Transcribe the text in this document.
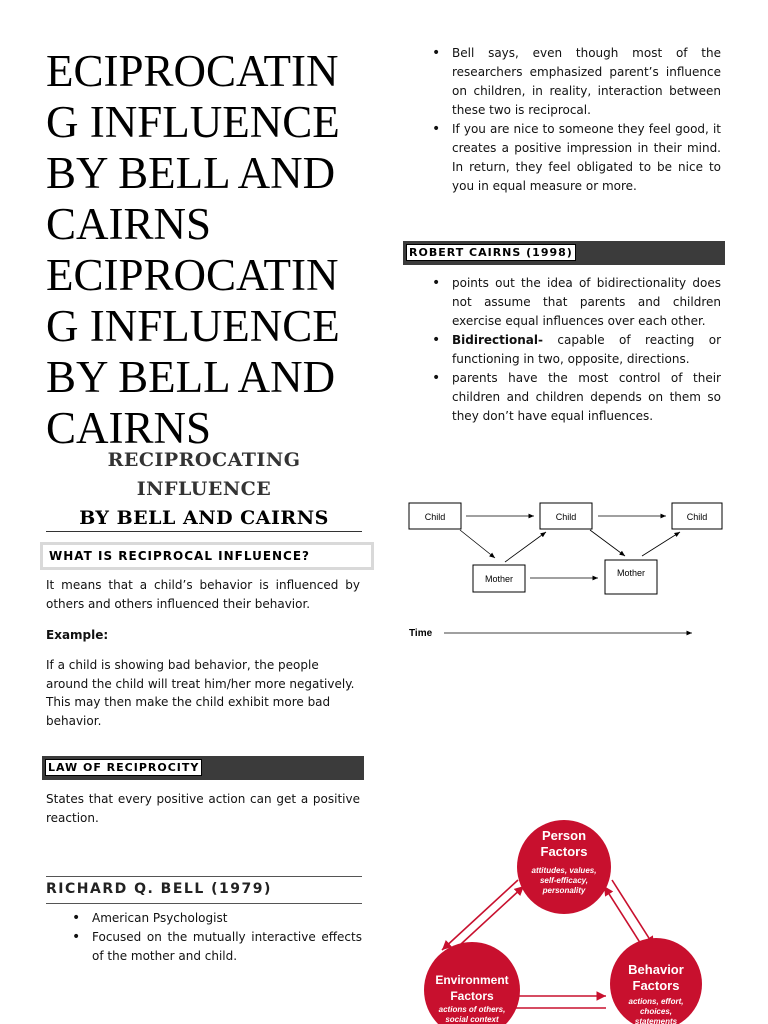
ECIPROCATIN
G INFLUENCE
BY BELL AND
CAIRNS
ECIPROCATIN
G INFLUENCE
BY BELL AND
CAIRNS
RECIPROCATING
INFLUENCE
BY BELL AND CAIRNS
WHAT IS RECIPROCAL INFLUENCE?
It means that a child’s behavior is influenced by others and others influenced their behavior.
Example:
If a child is showing bad behavior, the people around the child will treat him/her more negatively. This may then make the child exhibit more bad behavior.
LAW OF RECIPROCITY
States that every positive action can get a positive reaction.
RICHARD Q. BELL (1979)
• American Psychologist
• Focused on the mutually interactive effects of the mother and child.
• Bell says, even though most of the researchers emphasized parent’s influence on children, in reality, interaction between these two is reciprocal.
• If you are nice to someone they feel good, it creates a positive impression in their mind. In return, they feel obligated to be nice to you in equal measure or more.
ROBERT CAIRNS (1998)
• points out the idea of bidirectionality does not assume that parents and children exercise equal influences over each other.
• Bidirectional- capable of reacting or functioning in two, opposite, directions.
• parents have the most control of their children and children depends on them so they don’t have equal influences.
Child	Child	Child
Mother
Mother
Time
Person
Factors
attitudes, values,
self-efficacy,
personality
Environment
Factors
actions of others,
social context
Behavior
Factors
actions, effort,
choices,
statements
